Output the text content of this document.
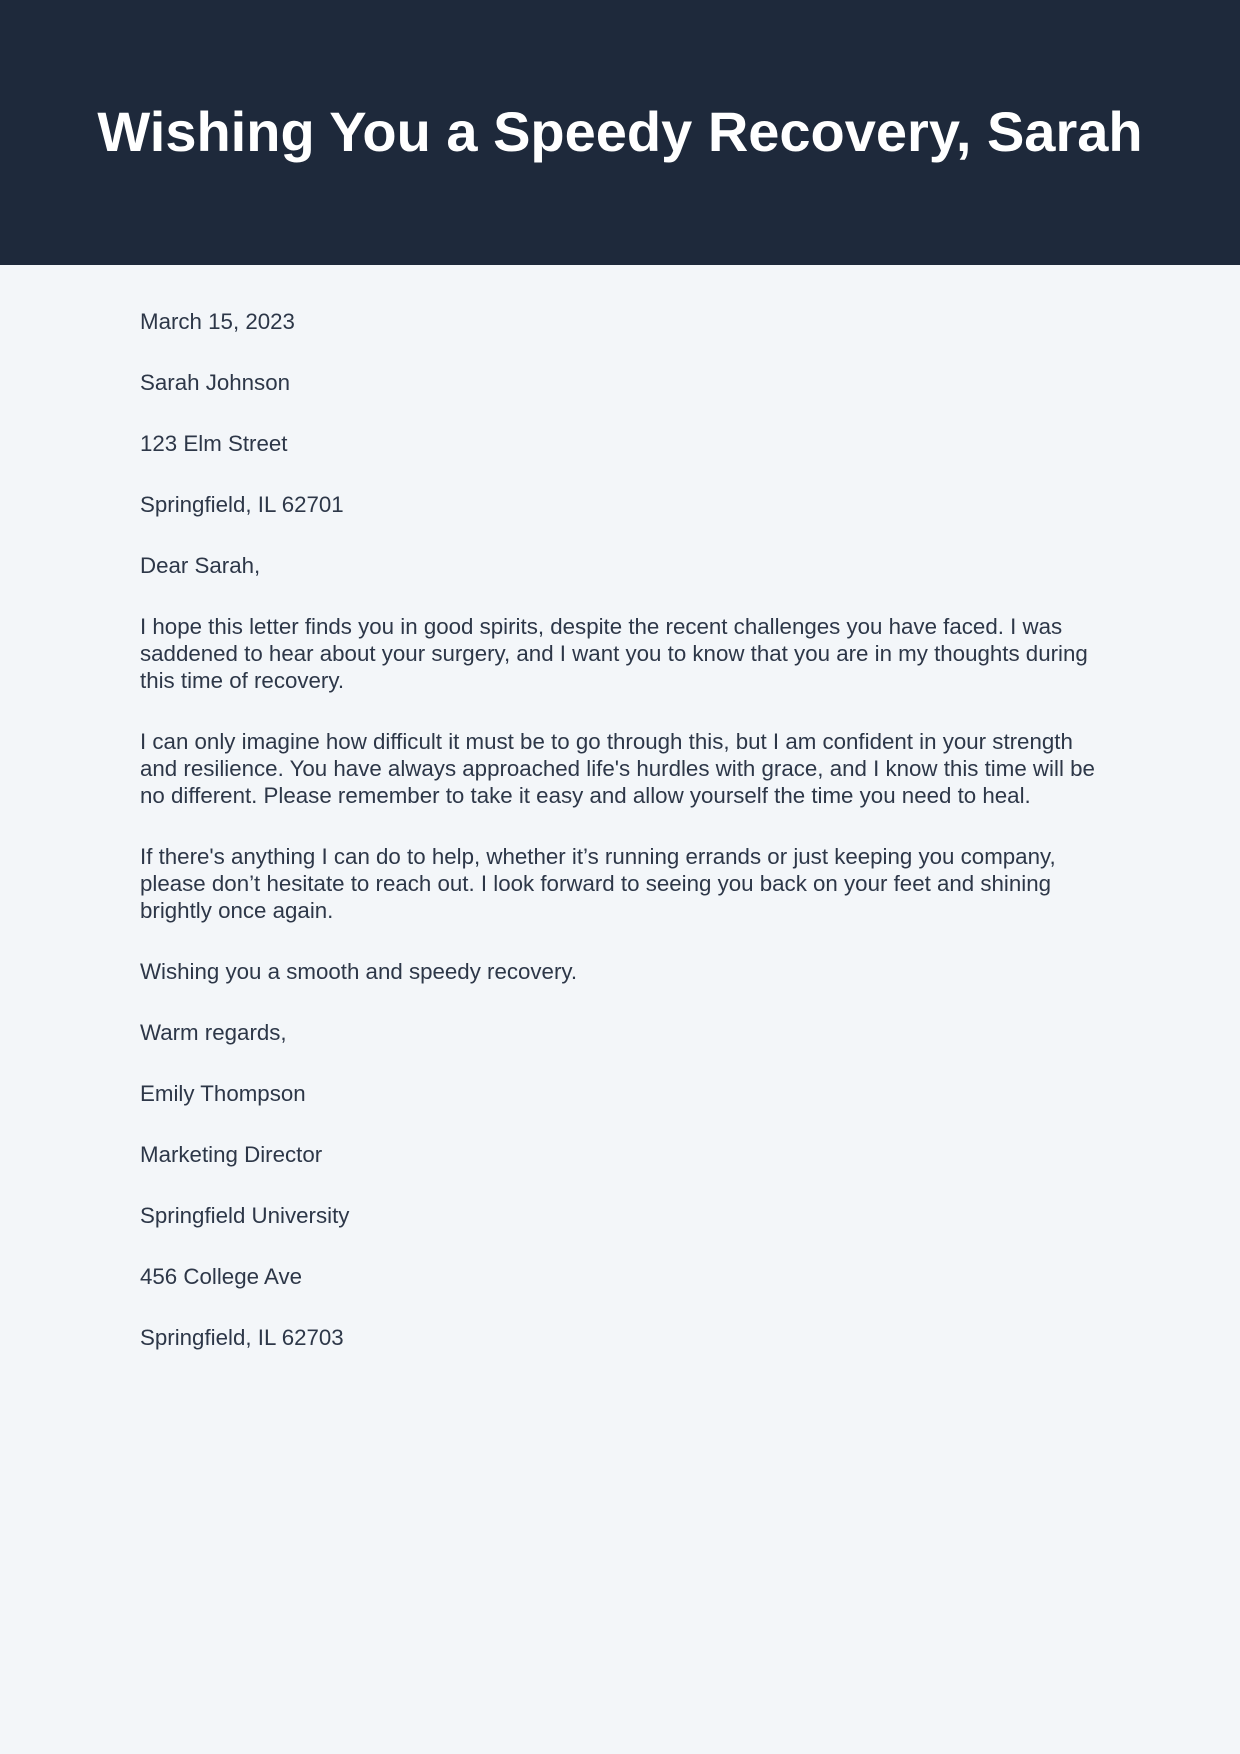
Wishing You a Speedy Recovery, Sarah

March 15, 2023

Sarah Johnson

123 Elm Street

Springfield, IL 62701

Dear Sarah,

I hope this letter finds you in good spirits, despite the recent challenges you have faced. I was saddened to hear about your surgery, and I want you to know that you are in my thoughts during this time of recovery.

I can only imagine how difficult it must be to go through this, but I am confident in your strength and resilience. You have always approached life's hurdles with grace, and I know this time will be no different. Please remember to take it easy and allow yourself the time you need to heal.

If there's anything I can do to help, whether it’s running errands or just keeping you company, please don’t hesitate to reach out. I look forward to seeing you back on your feet and shining brightly once again.

Wishing you a smooth and speedy recovery.

Warm regards,

Emily Thompson

Marketing Director

Springfield University

456 College Ave

Springfield, IL 62703
